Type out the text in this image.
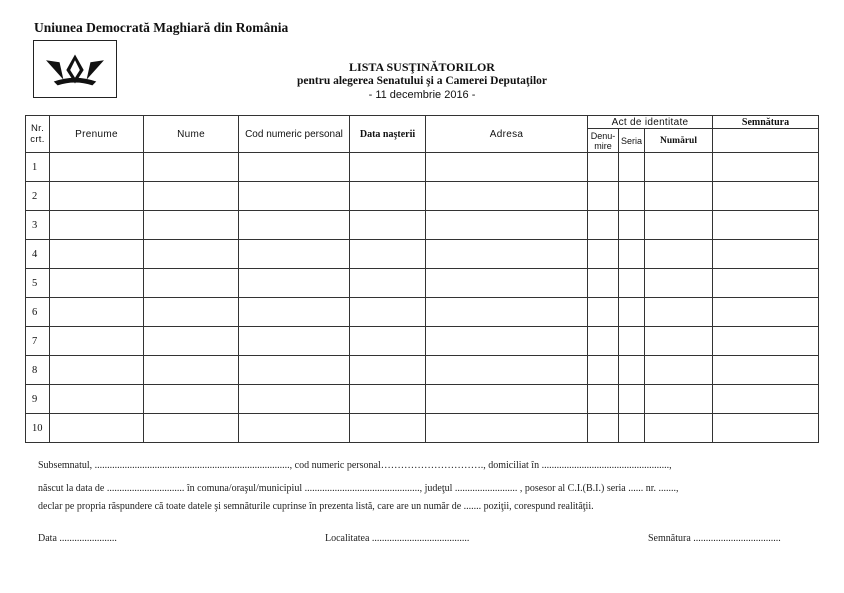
Uniunea Democrată Maghiară din România
LISTA SUSŢINĂTORILOR
pentru alegerea Senatului şi a Camerei Deputaţilor
- 11 decembrie 2016 -
Nr. crt.	Prenume	Nume	Cod numeric personal	Data naşterii	Adresa	Act de identitate			Semnătura
						Denu- mire	Seria	Numărul	
1									
2									
3									
4									
5									
6									
7									
8									
9									
10									
Subsemnatul, .............................................................................., cod numeric personal…………………………., domiciliat în ...................................................,
născut la data de ............................... în comuna/oraşul/municipiul .............................................., judeţul ......................... , posesor al C.I.(B.I.) seria ...... nr. .......,
declar pe propria răspundere că toate datele şi semnăturile cuprinse în prezenta listă, care are un număr de ....... poziţii, corespund realităţii.
Data .......................	Localitatea .......................................	Semnătura ...................................
